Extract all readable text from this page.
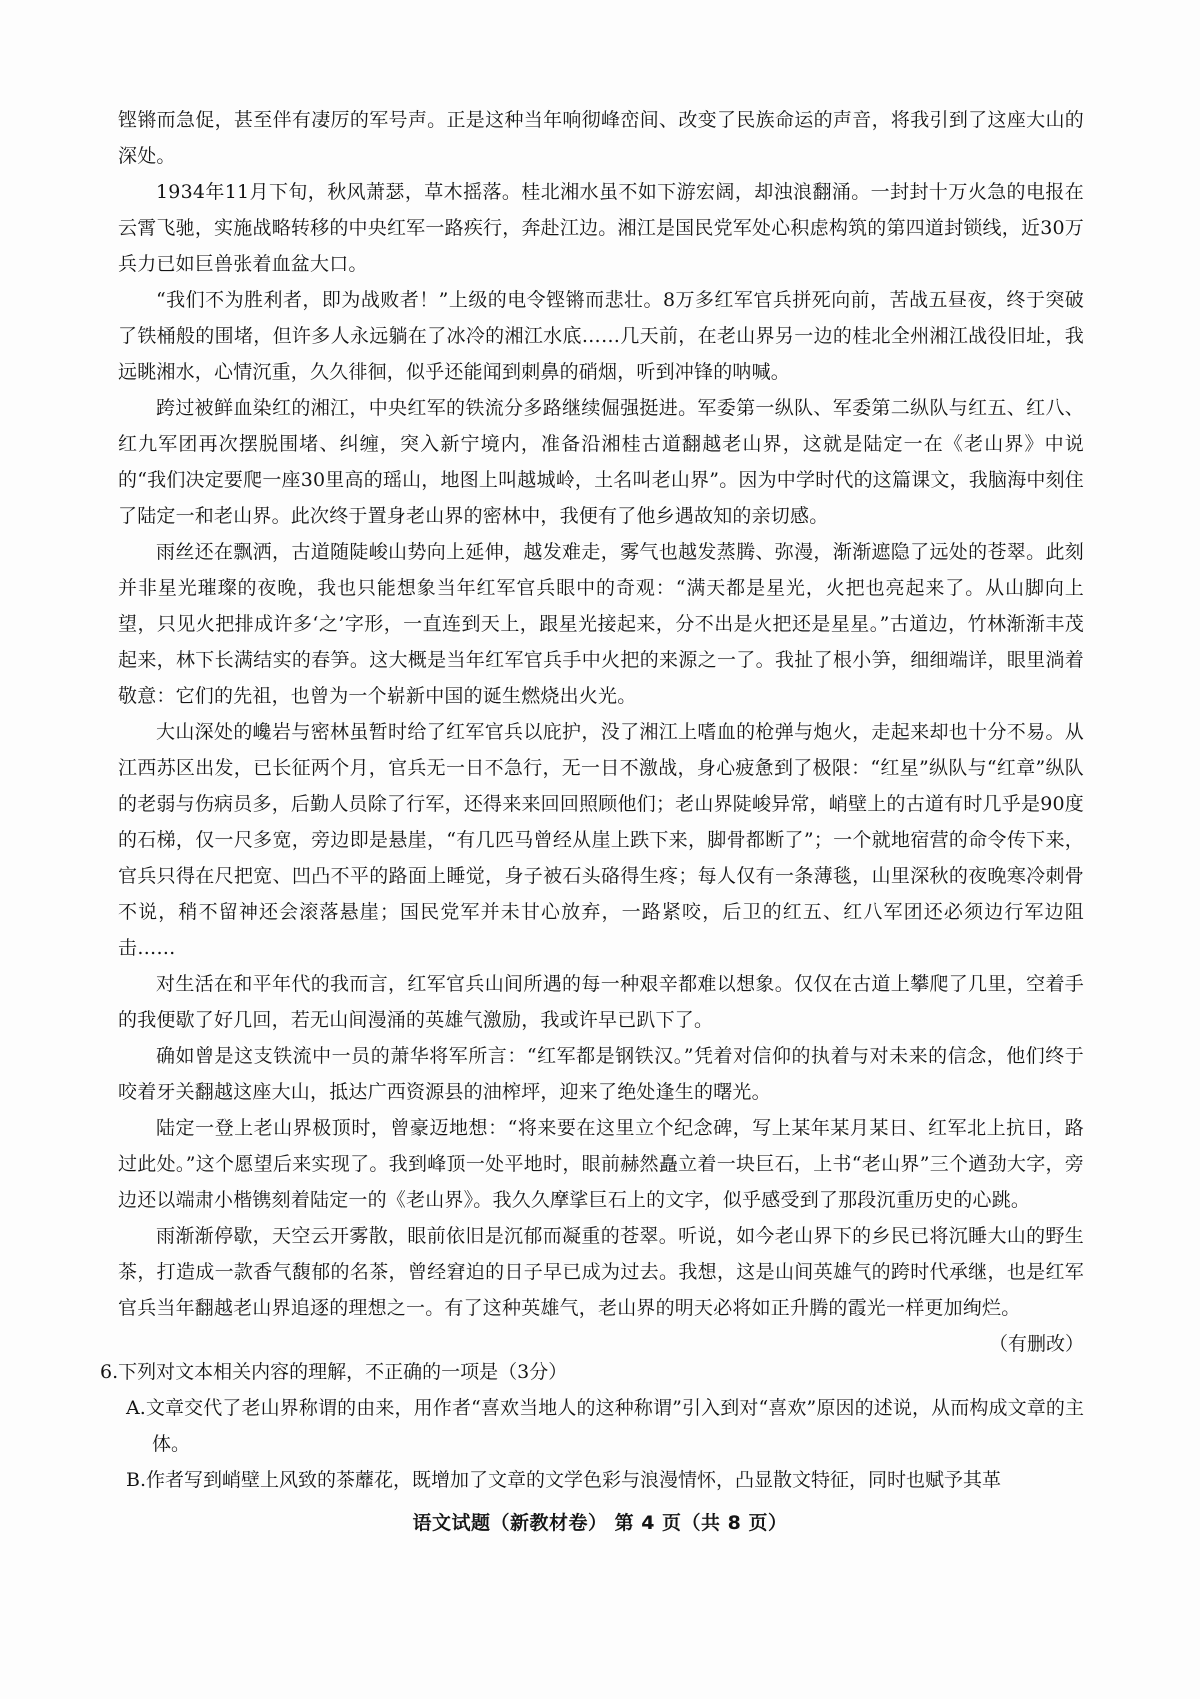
铿锵而急促，甚至伴有凄厉的军号声。正是这种当年响彻峰峦间、改变了民族命运的声音，将我引到了这座大山的深处。

1934年11月下旬，秋风萧瑟，草木摇落。桂北湘水虽不如下游宏阔，却浊浪翻涌。一封封十万火急的电报在云霄飞驰，实施战略转移的中央红军一路疾行，奔赴江边。湘江是国民党军处心积虑构筑的第四道封锁线，近30万兵力已如巨兽张着血盆大口。

“我们不为胜利者，即为战败者！”上级的电令铿锵而悲壮。8万多红军官兵拼死向前，苦战五昼夜，终于突破了铁桶般的围堵，但许多人永远躺在了冰冷的湘江水底……几天前，在老山界另一边的桂北全州湘江战役旧址，我远眺湘水，心情沉重，久久徘徊，似乎还能闻到刺鼻的硝烟，听到冲锋的呐喊。

跨过被鲜血染红的湘江，中央红军的铁流分多路继续倔强挺进。军委第一纵队、军委第二纵队与红五、红八、红九军团再次摆脱围堵、纠缠，突入新宁境内，准备沿湘桂古道翻越老山界，这就是陆定一在《老山界》中说的“我们决定要爬一座30里高的瑶山，地图上叫越城岭，土名叫老山界”。因为中学时代的这篇课文，我脑海中刻住了陆定一和老山界。此次终于置身老山界的密林中，我便有了他乡遇故知的亲切感。

雨丝还在飘洒，古道随陡峻山势向上延伸，越发难走，雾气也越发蒸腾、弥漫，渐渐遮隐了远处的苍翠。此刻并非星光璀璨的夜晚，我也只能想象当年红军官兵眼中的奇观：“满天都是星光，火把也亮起来了。从山脚向上望，只见火把排成许多‘之’字形，一直连到天上，跟星光接起来，分不出是火把还是星星。”古道边，竹林渐渐丰茂起来，林下长满结实的春笋。这大概是当年红军官兵手中火把的来源之一了。我扯了根小笋，细细端详，眼里淌着敬意：它们的先祖，也曾为一个崭新中国的诞生燃烧出火光。

大山深处的巉岩与密林虽暂时给了红军官兵以庇护，没了湘江上嗜血的枪弹与炮火，走起来却也十分不易。从江西苏区出发，已长征两个月，官兵无一日不急行，无一日不激战，身心疲惫到了极限：“红星”纵队与“红章”纵队的老弱与伤病员多，后勤人员除了行军，还得来来回回照顾他们；老山界陡峻异常，峭壁上的古道有时几乎是90度的石梯，仅一尺多宽，旁边即是悬崖，“有几匹马曾经从崖上跌下来，脚骨都断了”；一个就地宿营的命令传下来，官兵只得在尺把宽、凹凸不平的路面上睡觉，身子被石头硌得生疼；每人仅有一条薄毯，山里深秋的夜晚寒冷刺骨不说，稍不留神还会滚落悬崖；国民党军并未甘心放弃，一路紧咬，后卫的红五、红八军团还必须边行军边阻击……

对生活在和平年代的我而言，红军官兵山间所遇的每一种艰辛都难以想象。仅仅在古道上攀爬了几里，空着手的我便歇了好几回，若无山间漫涌的英雄气激励，我或许早已趴下了。

确如曾是这支铁流中一员的萧华将军所言：“红军都是钢铁汉。”凭着对信仰的执着与对未来的信念，他们终于咬着牙关翻越这座大山，抵达广西资源县的油榨坪，迎来了绝处逢生的曙光。

陆定一登上老山界极顶时，曾豪迈地想：“将来要在这里立个纪念碑，写上某年某月某日、红军北上抗日，路过此处。”这个愿望后来实现了。我到峰顶一处平地时，眼前赫然矗立着一块巨石，上书“老山界”三个遒劲大字，旁边还以端肃小楷镌刻着陆定一的《老山界》。我久久摩挲巨石上的文字，似乎感受到了那段沉重历史的心跳。

雨渐渐停歇，天空云开雾散，眼前依旧是沉郁而凝重的苍翠。听说，如今老山界下的乡民已将沉睡大山的野生茶，打造成一款香气馥郁的名茶，曾经窘迫的日子早已成为过去。我想，这是山间英雄气的跨时代承继，也是红军官兵当年翻越老山界追逐的理想之一。有了这种英雄气，老山界的明天必将如正升腾的霞光一样更加绚烂。

（有删改）

6.下列对文本相关内容的理解，不正确的一项是（3分）

A.文章交代了老山界称谓的由来，用作者“喜欢当地人的这种称谓”引入到对“喜欢”原因的述说，从而构成文章的主体。

B.作者写到峭壁上风致的茶蘼花，既增加了文章的文学色彩与浪漫情怀，凸显散文特征，同时也赋予其革

语文试题（新教材卷） 第 4 页（共 8 页）
